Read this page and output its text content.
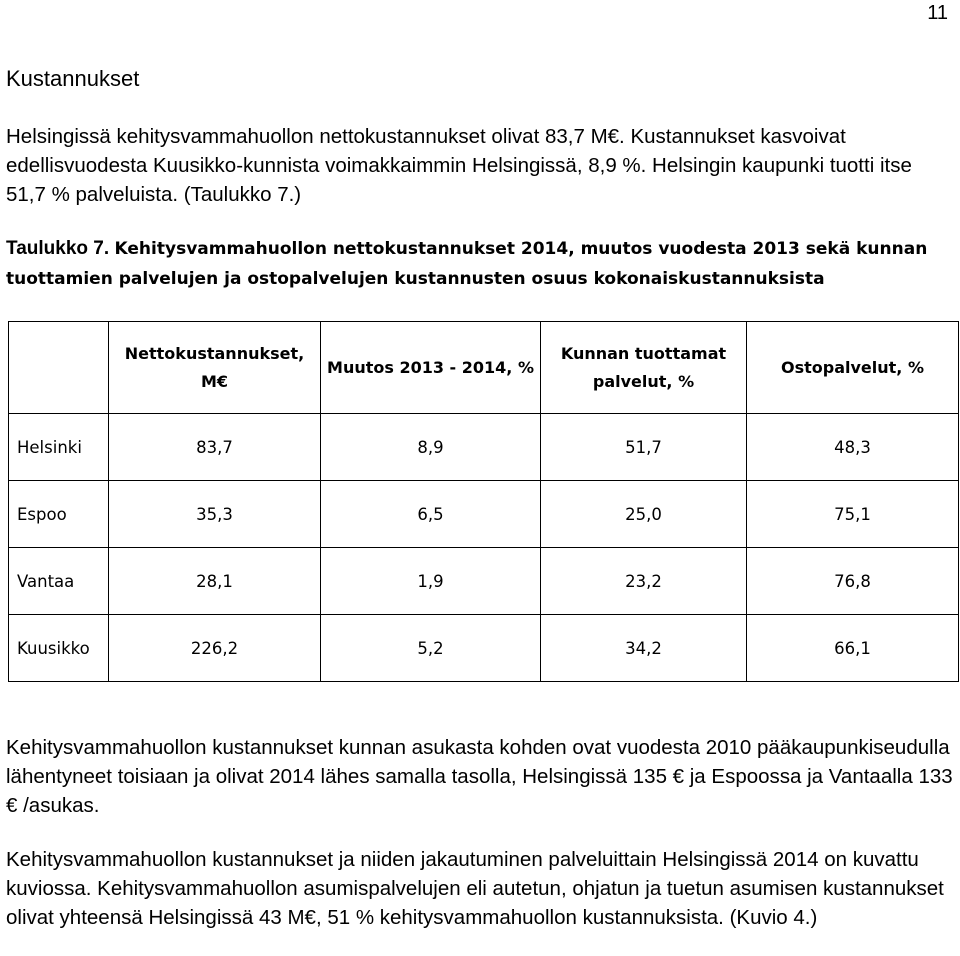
11
Kustannukset
Helsingissä kehitysvammahuollon nettokustannukset olivat 83,7 M€. Kustannukset kasvoivat edellisvuodesta Kuusikko-kunnista voimakkaimmin Helsingissä, 8,9 %. Helsingin kaupunki tuotti itse 51,7 % palveluista. (Taulukko 7.)
Taulukko 7. Kehitysvammahuollon nettokustannukset 2014, muutos vuodesta 2013 sekä kunnan tuottamien palvelujen ja ostopalvelujen kustannusten osuus kokonaiskustannuksista
	Nettokustannukset, M€	Muutos 2013 - 2014, %	Kunnan tuottamat palvelut, %	Ostopalvelut, %
Helsinki	83,7	8,9	51,7	48,3
Espoo	35,3	6,5	25,0	75,1
Vantaa	28,1	1,9	23,2	76,8
Kuusikko	226,2	5,2	34,2	66,1
Kehitysvammahuollon kustannukset kunnan asukasta kohden ovat vuodesta 2010 pääkaupunkiseudulla lähentyneet toisiaan ja olivat 2014 lähes samalla tasolla, Helsingissä 135 € ja Espoossa ja Vantaalla 133 € /asukas.
Kehitysvammahuollon kustannukset ja niiden jakautuminen palveluittain Helsingissä 2014 on kuvattu kuviossa. Kehitysvammahuollon asumispalvelujen eli autetun, ohjatun ja tuetun asumisen kustannukset olivat yhteensä Helsingissä 43 M€, 51 % kehitysvammahuollon kustannuksista. (Kuvio 4.)
